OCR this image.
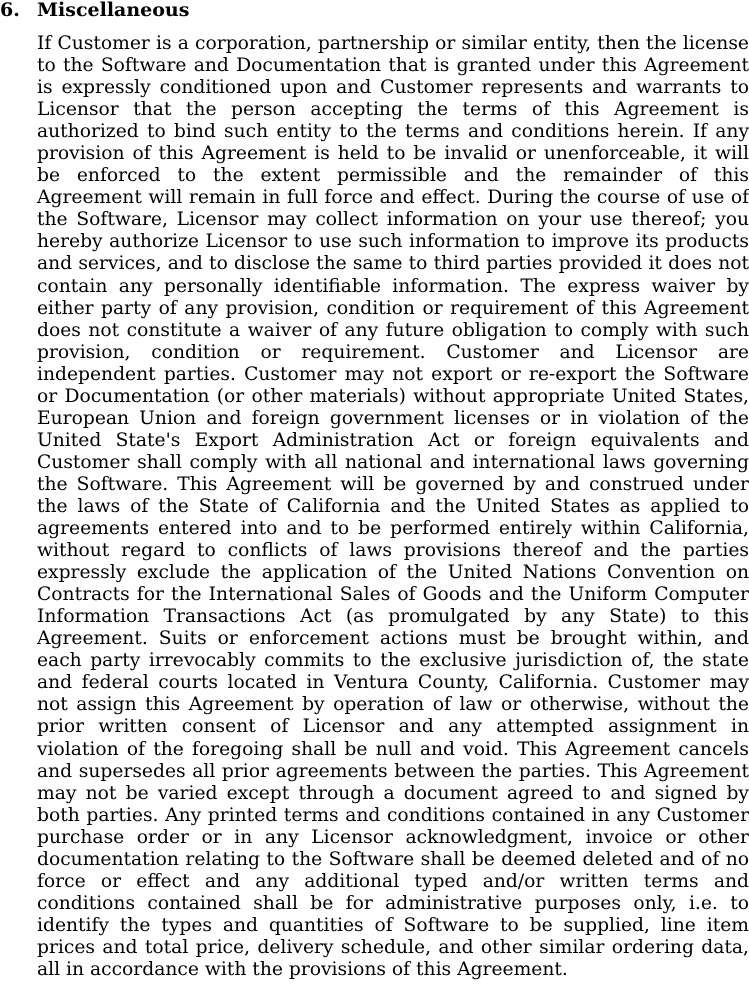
6. Miscellaneous

If Customer is a corporation, partnership or similar entity, then the license to the Software and Documentation that is granted under this Agreement is expressly conditioned upon and Customer represents and warrants to Licensor that the person accepting the terms of this Agreement is authorized to bind such entity to the terms and conditions herein. If any provision of this Agreement is held to be invalid or unenforceable, it will be enforced to the extent permissible and the remainder of this Agreement will remain in full force and effect. During the course of use of the Software, Licensor may collect information on your use thereof; you hereby authorize Licensor to use such information to improve its products and services, and to disclose the same to third parties provided it does not contain any personally identifiable information. The express waiver by either party of any provision, condition or requirement of this Agreement does not constitute a waiver of any future obligation to comply with such provision, condition or requirement. Customer and Licensor are independent parties. Customer may not export or re-export the Software or Documentation (or other materials) without appropriate United States, European Union and foreign government licenses or in violation of the United State's Export Administration Act or foreign equivalents and Customer shall comply with all national and international laws governing the Software. This Agreement will be governed by and construed under the laws of the State of California and the United States as applied to agreements entered into and to be performed entirely within California, without regard to conflicts of laws provisions thereof and the parties expressly exclude the application of the United Nations Convention on Contracts for the International Sales of Goods and the Uniform Computer Information Transactions Act (as promulgated by any State) to this Agreement. Suits or enforcement actions must be brought within, and each party irrevocably commits to the exclusive jurisdiction of, the state and federal courts located in Ventura County, California. Customer may not assign this Agreement by operation of law or otherwise, without the prior written consent of Licensor and any attempted assignment in violation of the foregoing shall be null and void. This Agreement cancels and supersedes all prior agreements between the parties. This Agreement may not be varied except through a document agreed to and signed by both parties. Any printed terms and conditions contained in any Customer purchase order or in any Licensor acknowledgment, invoice or other documentation relating to the Software shall be deemed deleted and of no force or effect and any additional typed and/or written terms and conditions contained shall be for administrative purposes only, i.e. to identify the types and quantities of Software to be supplied, line item prices and total price, delivery schedule, and other similar ordering data, all in accordance with the provisions of this Agreement.
